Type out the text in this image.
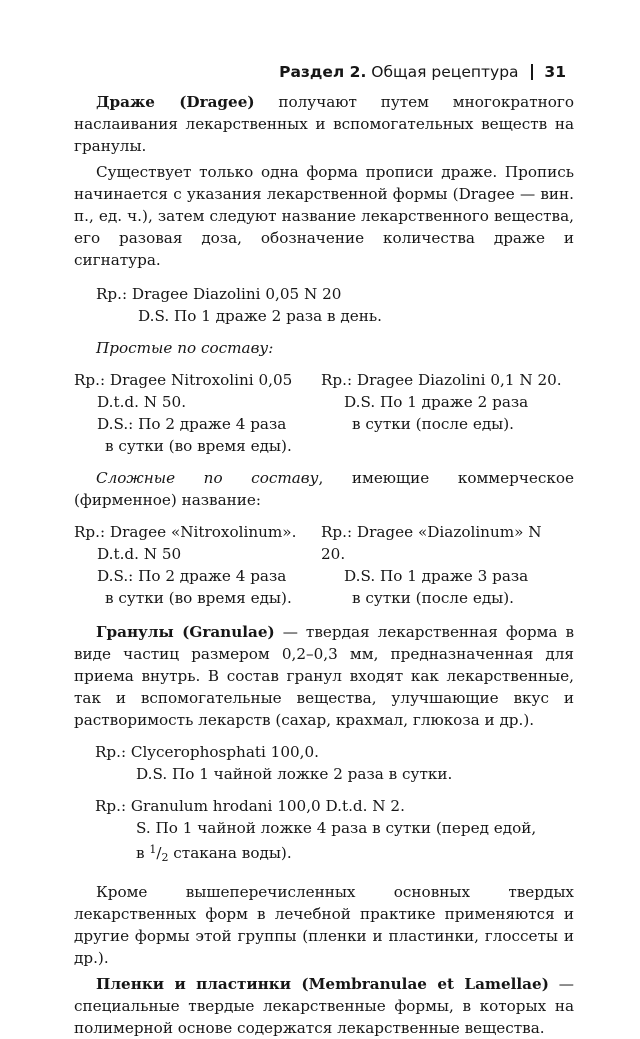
Раздел 2. Общая рецептура 31

Драже (Dragee) получают путем многократного наслаивания лекарственных и вспомогательных веществ на гранулы.

Существует только одна форма прописи драже. Пропись начинается с указания лекарственной формы (Dragee — вин. п., ед. ч.), затем следуют название лекарственного вещества, его разовая доза, обозначение количества драже и сигнатура.

Rp.: Dragee Diazolini 0,05 N 20
D.S. По 1 драже 2 раза в день.

Простые по составу:

Rp.: Dragee Nitroxolini 0,05
D.t.d. N 50.
D.S.: По 2 драже 4 раза
в сутки (во время еды).
Rp.: Dragee Diazolini 0,1 N 20.
D.S. По 1 драже 2 раза
в сутки (после еды).

Сложные по составу, имеющие коммерческое (фирменное) название:

Rp.: Dragee «Nitroxolinum».
D.t.d. N 50
D.S.: По 2 драже 4 раза
в сутки (во время еды).
Rp.: Dragee «Diazolinum» N 20.
D.S. По 1 драже 3 раза
в сутки (после еды).

Гранулы (Granulae) — твердая лекарственная форма в виде частиц размером 0,2–0,3 мм, предназначенная для приема внутрь. В состав гранул входят как лекарственные, так и вспомогательные вещества, улучшающие вкус и растворимость лекарств (сахар, крахмал, глюкоза и др.).

Rp.: Clycerophosphati 100,0.
D.S. По 1 чайной ложке 2 раза в сутки.
Rp.: Granulum hrodani 100,0 D.t.d. N 2.
S. По 1 чайной ложке 4 раза в сутки (перед едой,
в $^1/_2$ стакана воды).

Кроме вышеперечисленных основных твердых лекарственных форм в лечебной практике применяются и другие формы этой группы (пленки и пластинки, глоссеты и др.).

Пленки и пластинки (Membranulae et Lamellae) — специальные твердые лекарственные формы, в которых на полимерной основе содержатся лекарственные вещества.
